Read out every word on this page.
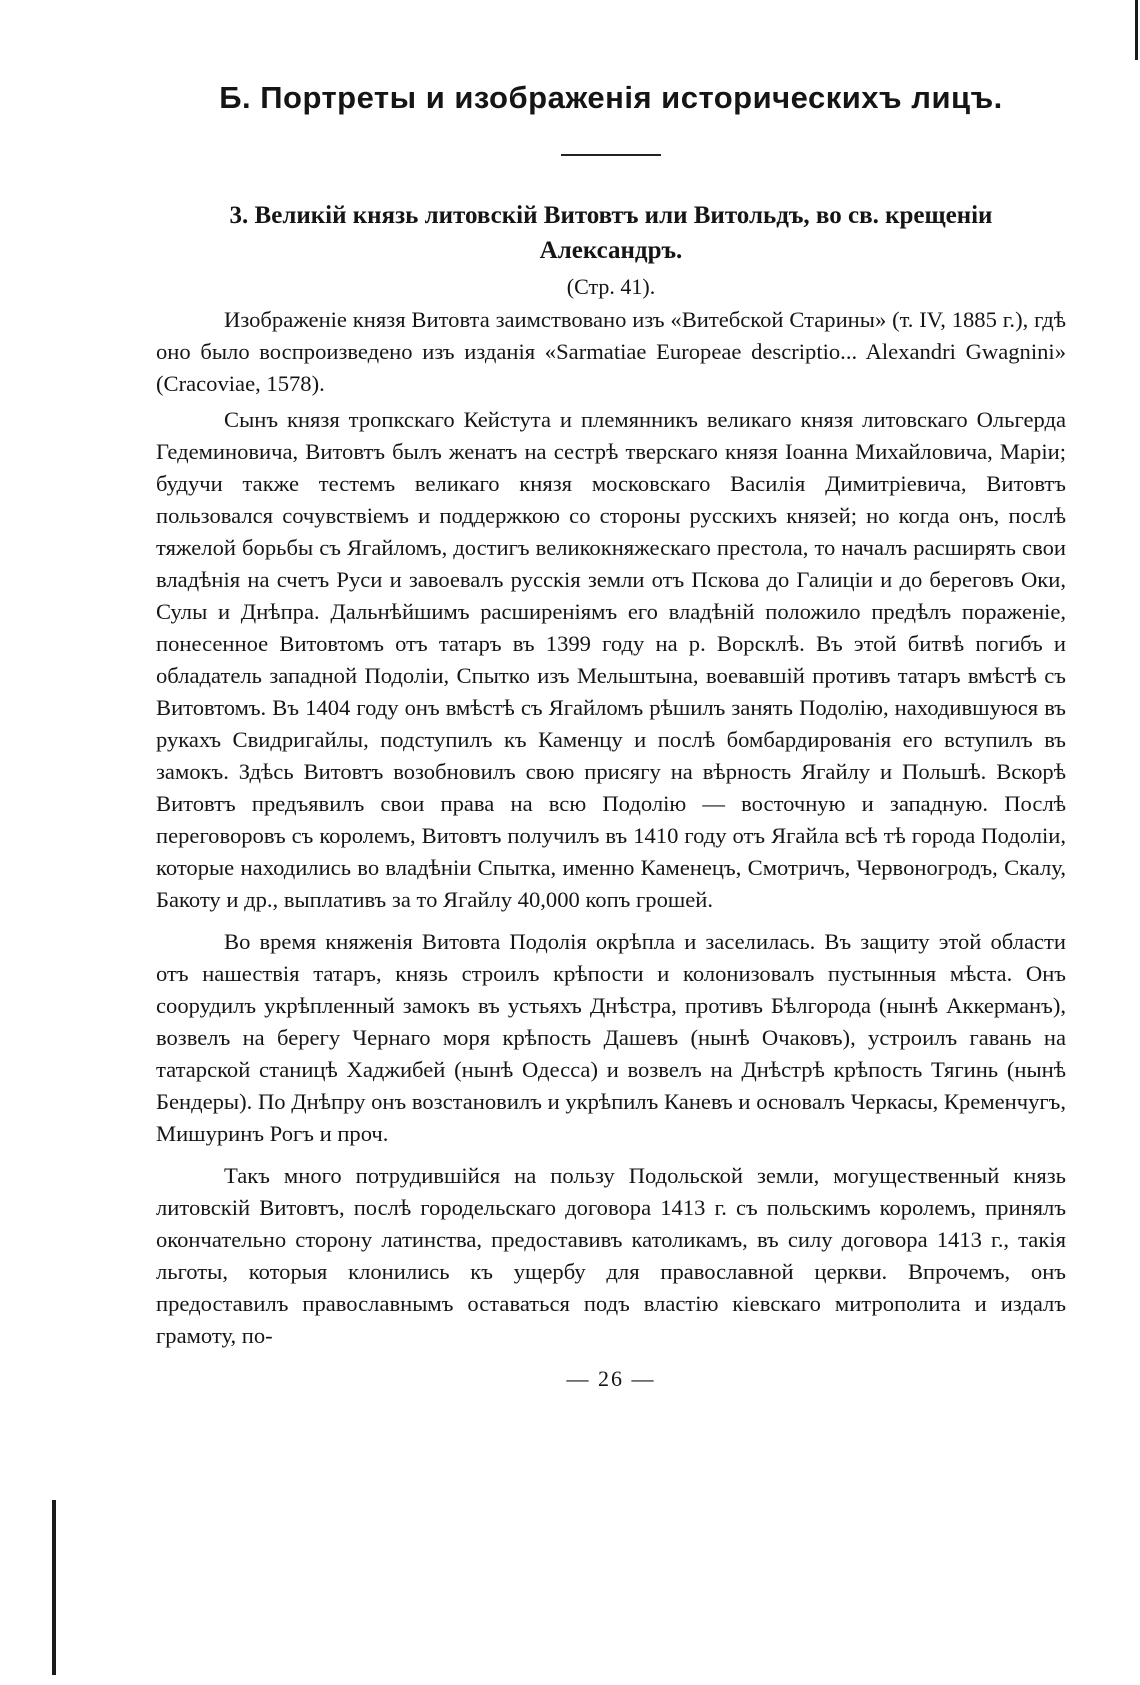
Б. Портреты и изображенія историческихъ лицъ.
3. Великій князь литовскій Витовтъ или Витольдъ, во св. крещеніи Александръ.
(Стр. 41).

Изображеніе князя Витовта заимствовано изъ «Витебской Старины» (т. IV, 1885 г.), гдѣ оно было воспроизведено изъ изданія «Sarmatiae Europeae descriptio... Alexandri Gwagnini» (Cracoviae, 1578).

Сынъ князя тропкскаго Кейстута и племянникъ великаго князя литовскаго Ольгерда Гедеминовича, Витовтъ былъ женатъ на сестрѣ тверскаго князя Іоанна Михайловича, Маріи; будучи также тестемъ великаго князя московскаго Василія Димитріевича, Витовтъ пользовался сочувствіемъ и поддержкою со стороны русскихъ князей; но когда онъ, послѣ тяжелой борьбы съ Ягайломъ, достигъ великокняжескаго престола, то началъ расширять свои владѣнія на счетъ Руси и завоевалъ русскія земли отъ Пскова до Галиціи и до береговъ Оки, Сулы и Днѣпра. Дальнѣйшимъ расширеніямъ его владѣній положило предѣлъ пораженіе, понесенное Витовтомъ отъ татаръ въ 1399 году на р. Ворсклѣ. Въ этой битвѣ погибъ и обладатель западной Подоліи, Спытко изъ Мельштына, воевавшій противъ татаръ вмѣстѣ съ Витовтомъ. Въ 1404 году онъ вмѣстѣ съ Ягайломъ рѣшилъ занять Подолію, находившуюся въ рукахъ Свидригайлы, подступилъ къ Каменцу и послѣ бомбардированія его вступилъ въ замокъ. Здѣсь Витовтъ возобновилъ свою присягу на вѣрность Ягайлу и Польшѣ. Вскорѣ Витовтъ предъявилъ свои права на всю Подолію — восточную и западную. Послѣ переговоровъ съ королемъ, Витовтъ получилъ въ 1410 году отъ Ягайла всѣ тѣ города Подоліи, которые находились во владѣніи Спытка, именно Каменецъ, Смотричъ, Червоногродъ, Скалу, Бакоту и др., выплативъ за то Ягайлу 40,000 копъ грошей.

Во время княженія Витовта Подолія окрѣпла и заселилась. Въ защиту этой области отъ нашествія татаръ, князь строилъ крѣпости и колонизовалъ пустынныя мѣста. Онъ соорудилъ укрѣпленный замокъ въ устьяхъ Днѣстра, противъ Бѣлгорода (нынѣ Аккерманъ), возвелъ на берегу Чернаго моря крѣпость Дашевъ (нынѣ Очаковъ), устроилъ гавань на татарской станицѣ Хаджибей (нынѣ Одесса) и возвелъ на Днѣстрѣ крѣпость Тягинь (нынѣ Бендеры). По Днѣпру онъ возстановилъ и укрѣпилъ Каневъ и основалъ Черкасы, Кременчугъ, Мишуринъ Рогъ и проч.

Такъ много потрудившійся на пользу Подольской земли, могущественный князь литовскій Витовтъ, послѣ городельскаго договора 1413 г. съ польскимъ королемъ, принялъ окончательно сторону латинства, предоставивъ католикамъ, въ силу договора 1413 г., такія льготы, которыя клонились къ ущербу для православной церкви. Впрочемъ, онъ предоставилъ православнымъ оставаться подъ властію кіевскаго митрополита и издалъ грамоту, по-

— 26 —
